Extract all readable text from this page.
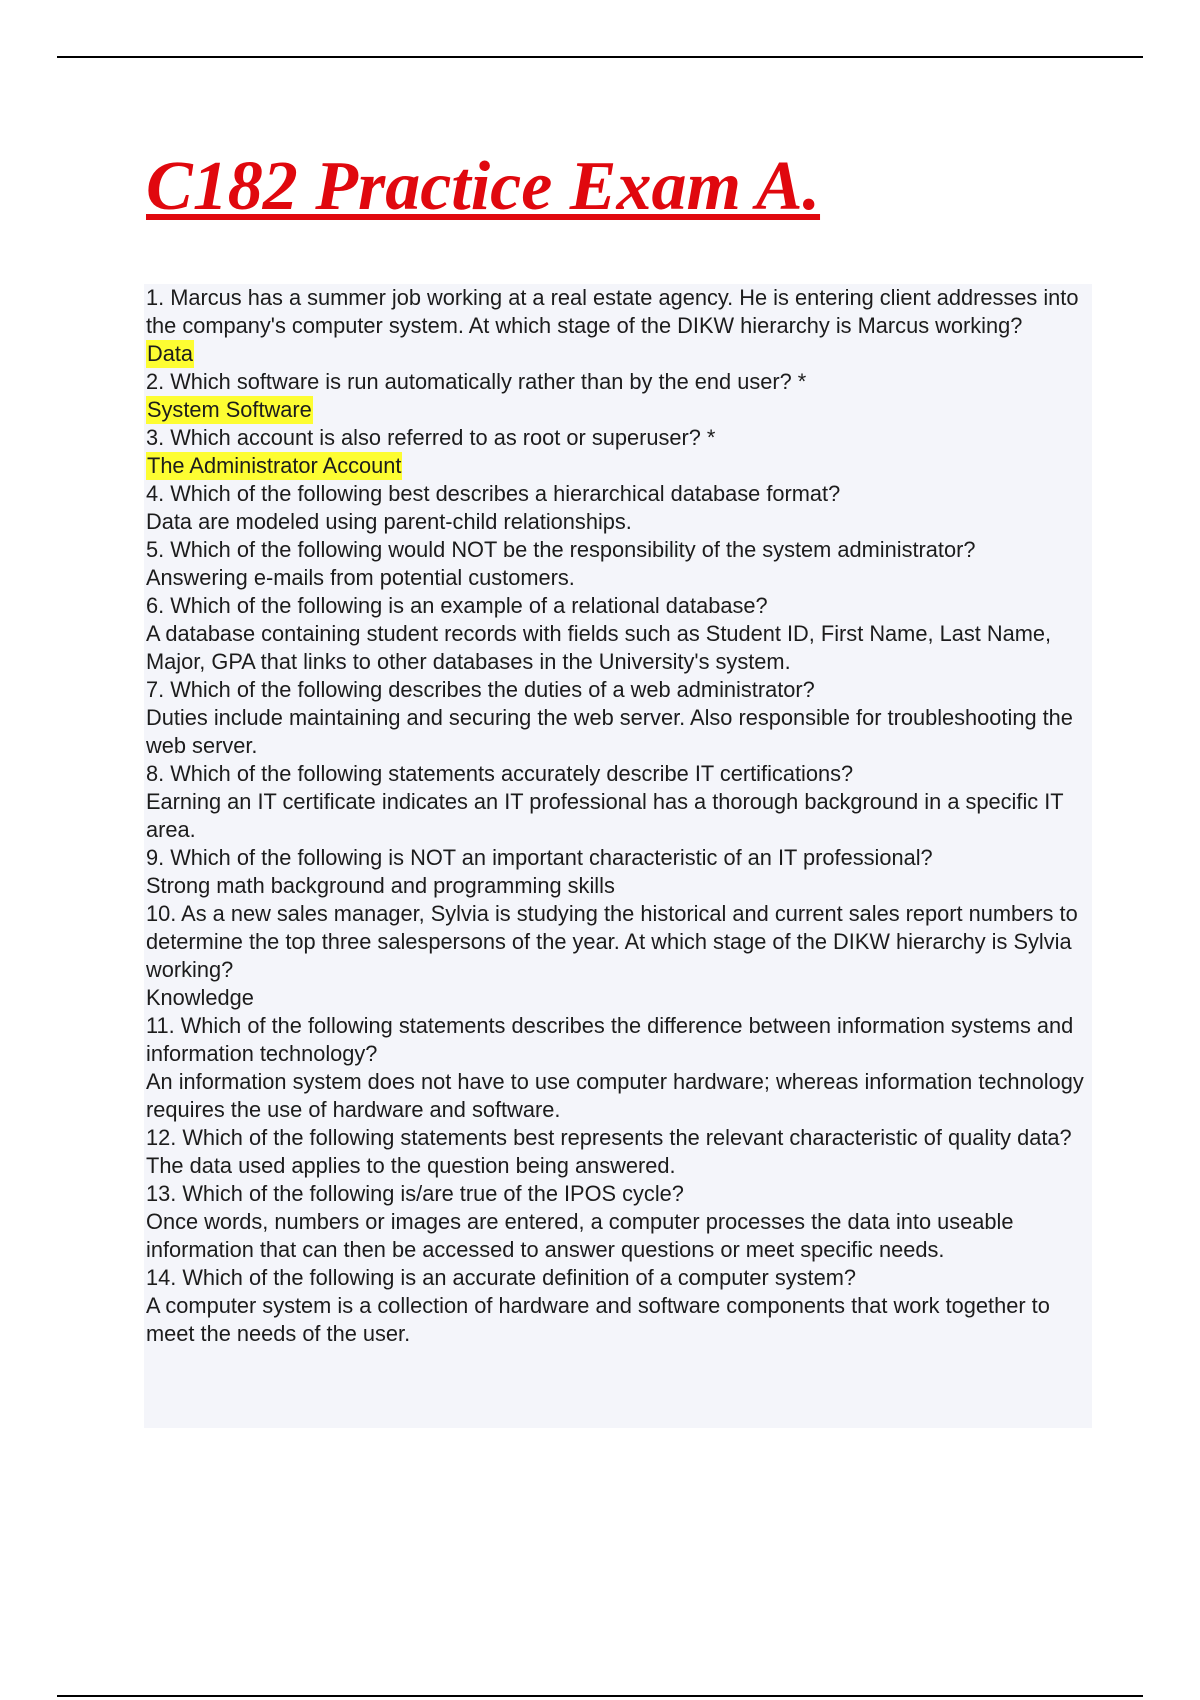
C182 Practice Exam A.
1. Marcus has a summer job working at a real estate agency. He is entering client addresses into the company's computer system. At which stage of the DIKW hierarchy is Marcus working?
Data
2. Which software is run automatically rather than by the end user? *
System Software
3. Which account is also referred to as root or superuser? *
The Administrator Account
4. Which of the following best describes a hierarchical database format?
Data are modeled using parent-child relationships.
5. Which of the following would NOT be the responsibility of the system administrator?
Answering e-mails from potential customers.
6. Which of the following is an example of a relational database?
A database containing student records with fields such as Student ID, First Name, Last Name, Major, GPA that links to other databases in the University's system.
7. Which of the following describes the duties of a web administrator?
Duties include maintaining and securing the web server. Also responsible for troubleshooting the web server.
8. Which of the following statements accurately describe IT certifications?
Earning an IT certificate indicates an IT professional has a thorough background in a specific IT area.
9. Which of the following is NOT an important characteristic of an IT professional?
Strong math background and programming skills
10. As a new sales manager, Sylvia is studying the historical and current sales report numbers to determine the top three salespersons of the year. At which stage of the DIKW hierarchy is Sylvia working?
Knowledge
11. Which of the following statements describes the difference between information systems and information technology?
An information system does not have to use computer hardware; whereas information technology requires the use of hardware and software.
12. Which of the following statements best represents the relevant characteristic of quality data?
The data used applies to the question being answered.
13. Which of the following is/are true of the IPOS cycle?
Once words, numbers or images are entered, a computer processes the data into useable information that can then be accessed to answer questions or meet specific needs.
14. Which of the following is an accurate definition of a computer system?
A computer system is a collection of hardware and software components that work together to meet the needs of the user.
